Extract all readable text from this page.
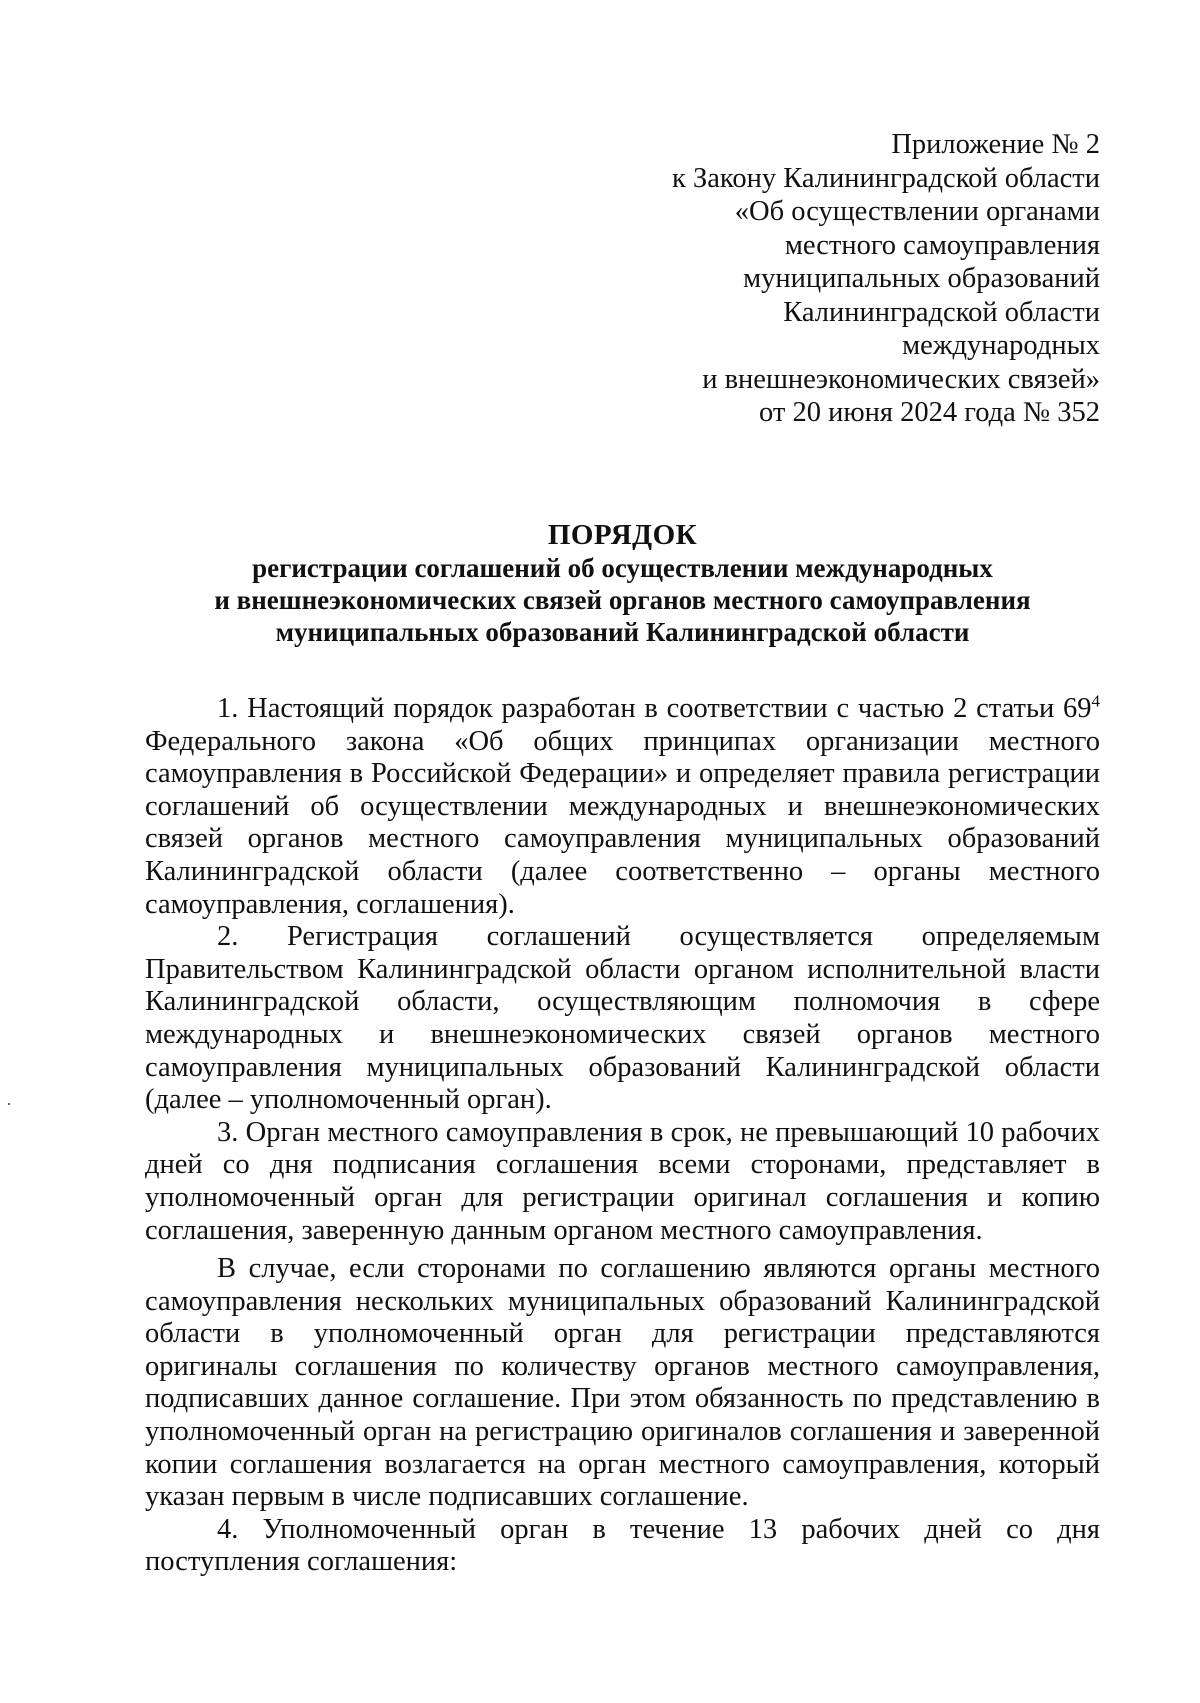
Приложение № 2
к Закону Калининградской области
«Об осуществлении органами
местного самоуправления
муниципальных образований
Калининградской области
международных
и внешнеэкономических связей»
от 20 июня 2024 года № 352
ПОРЯДОК
регистрации соглашений об осуществлении международных
и внешнеэкономических связей органов местного самоуправления
муниципальных образований Калининградской области

1. Настоящий порядок разработан в соответствии с частью 2 статьи $69^4$ Федерального закона «Об общих принципах организации местного самоуправления в Российской Федерации» и определяет правила регистрации соглашений об осуществлении международных и внешнеэкономических связей органов местного самоуправления муниципальных образований Калининградской области (далее соответственно – органы местного самоуправления, соглашения).

2. Регистрация соглашений осуществляется определяемым Правительством Калининградской области органом исполнительной власти Калининградской области, осуществляющим полномочия в сфере международных и внешнеэкономических связей органов местного самоуправления муниципальных образований Калининградской области (далее – уполномоченный орган).

3. Орган местного самоуправления в срок, не превышающий 10 рабочих дней со дня подписания соглашения всеми сторонами, представляет в уполномоченный орган для регистрации оригинал соглашения и копию соглашения, заверенную данным органом местного самоуправления.

В случае, если сторонами по соглашению являются органы местного самоуправления нескольких муниципальных образований Калининградской области в уполномоченный орган для регистрации представляются оригиналы соглашения по количеству органов местного самоуправления, подписавших данное соглашение. При этом обязанность по представлению в уполномоченный орган на регистрацию оригиналов соглашения и заверенной копии соглашения возлагается на орган местного самоуправления, который указан первым в числе подписавших соглашение.

4. Уполномоченный орган в течение 13 рабочих дней со дня поступления соглашения:
